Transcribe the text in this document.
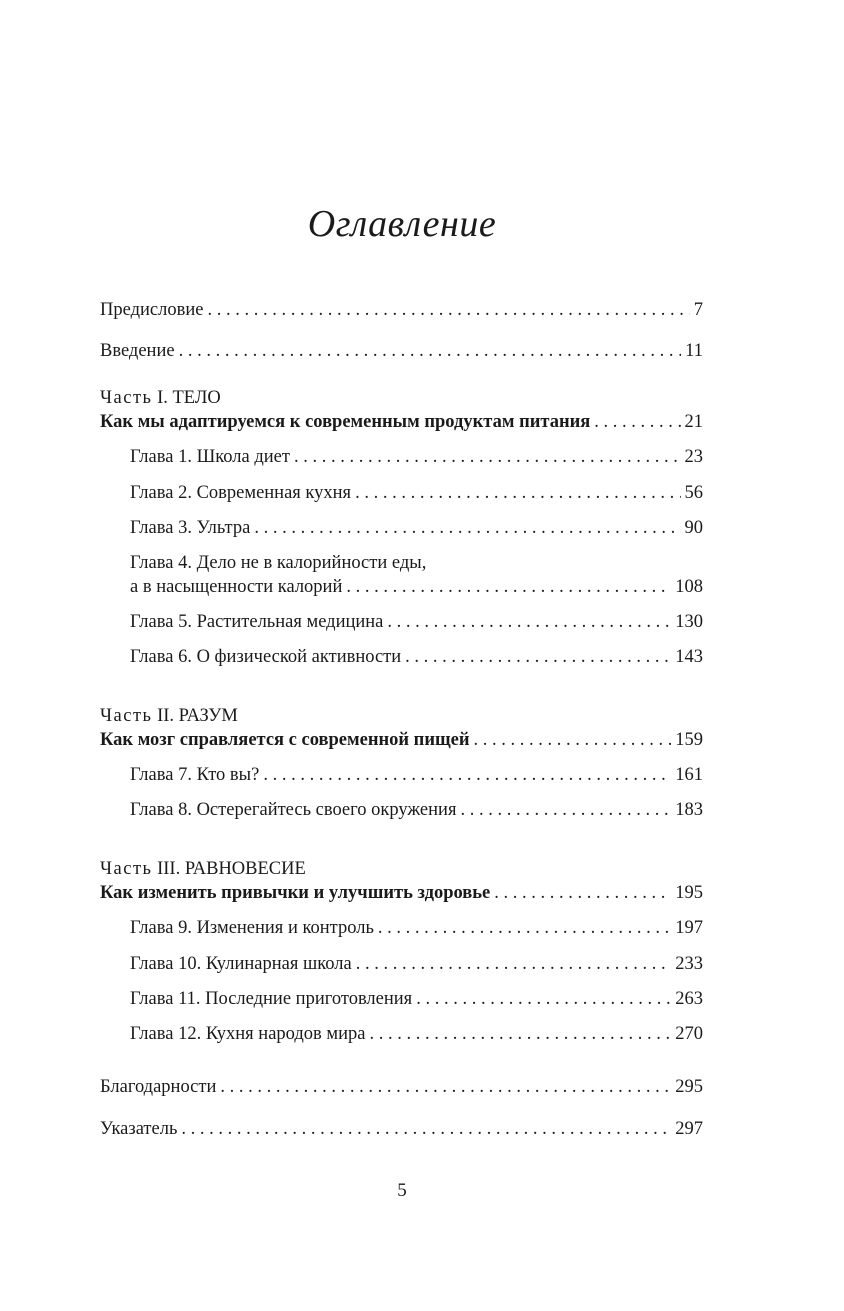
Оглавление
Предисловие . . .	7
Введение . . .	11
Часть I. ТЕЛО
Как мы адаптируемся к современным продуктам питания . . .	21
Глава 1. Школа диет . . .	23
Глава 2. Современная кухня . . .	56
Глава 3. Ультра . . .	90
Глава 4. Дело не в калорийности еды,
а в насыщенности калорий . . .	108
Глава 5. Растительная медицина . . .	130
Глава 6. О физической активности . . .	143
Часть II. РАЗУМ
Как мозг справляется с современной пищей . . .	159
Глава 7. Кто вы? . . .	161
Глава 8. Остерегайтесь своего окружения . . .	183
Часть III. РАВНОВЕСИЕ
Как изменить привычки и улучшить здоровье . . .	195
Глава 9. Изменения и контроль . . .	197
Глава 10. Кулинарная школа . . .	233
Глава 11. Последние приготовления . . .	263
Глава 12. Кухня народов мира . . .	270
Благодарности . . .	295
Указатель . . .	297
5
